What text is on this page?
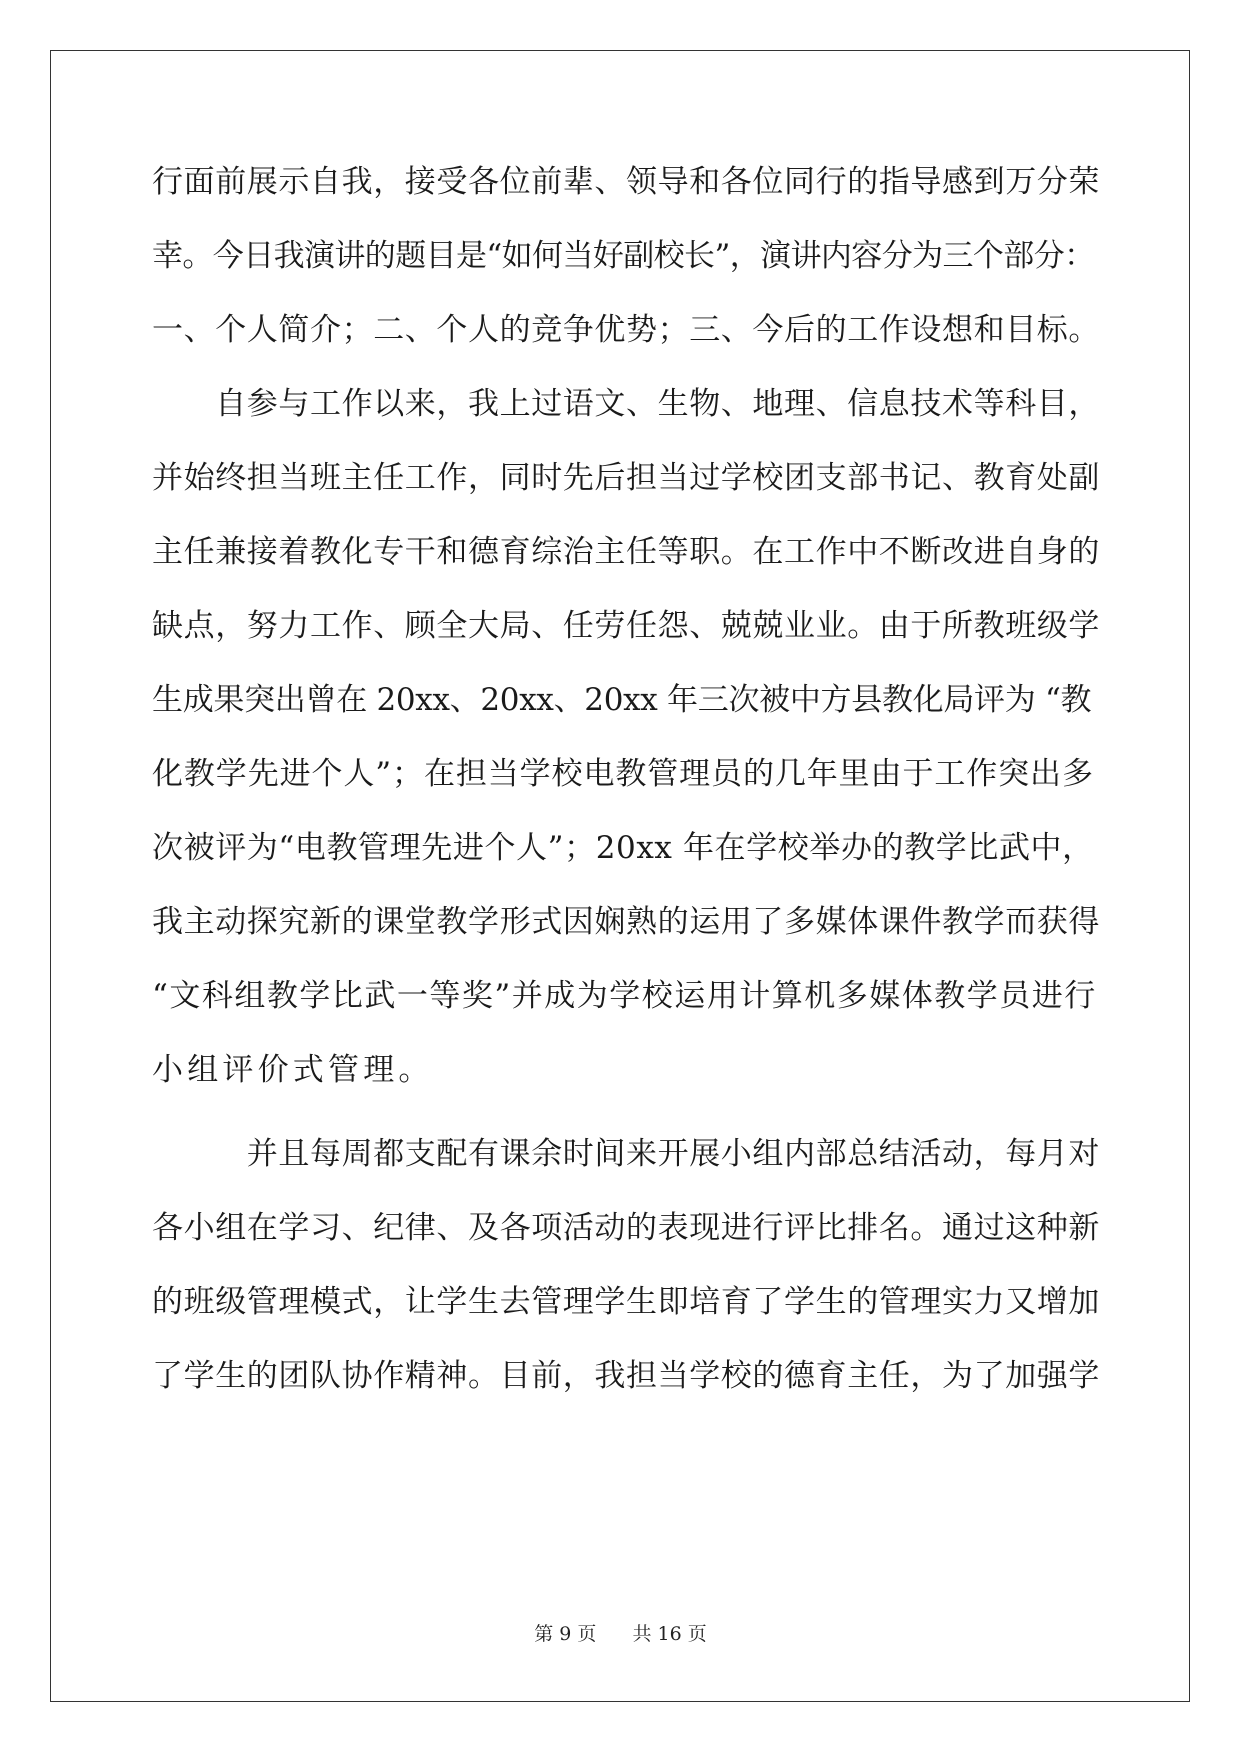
行面前展示自我，接受各位前辈、领导和各位同行的指导感到万分荣
幸。今日我演讲的题目是“如何当好副校长”，演讲内容分为三个部分：
一、个人简介；二、个人的竞争优势；三、今后的工作设想和目标。
　　自参与工作以来，我上过语文、生物、地理、信息技术等科目，
并始终担当班主任工作，同时先后担当过学校团支部书记、教育处副
主任兼接着教化专干和德育综治主任等职。在工作中不断改进自身的
缺点，努力工作、顾全大局、任劳任怨、兢兢业业。由于所教班级学
生成果突出曾在 20xx、20xx、20xx 年三次被中方县教化局评为 “教
化教学先进个人”；在担当学校电教管理员的几年里由于工作突出多
次被评为“电教管理先进个人”；20xx 年在学校举办的教学比武中，
我主动探究新的课堂教学形式因娴熟的运用了多媒体课件教学而获得
“文科组教学比武一等奖”并成为学校运用计算机多媒体教学员进行
小组评价式管理。
　　　并且每周都支配有课余时间来开展小组内部总结活动，每月对
各小组在学习、纪律、及各项活动的表现进行评比排名。通过这种新
的班级管理模式，让学生去管理学生即培育了学生的管理实力又增加
了学生的团队协作精神。目前，我担当学校的德育主任，为了加强学
第 9 页 共 16 页
